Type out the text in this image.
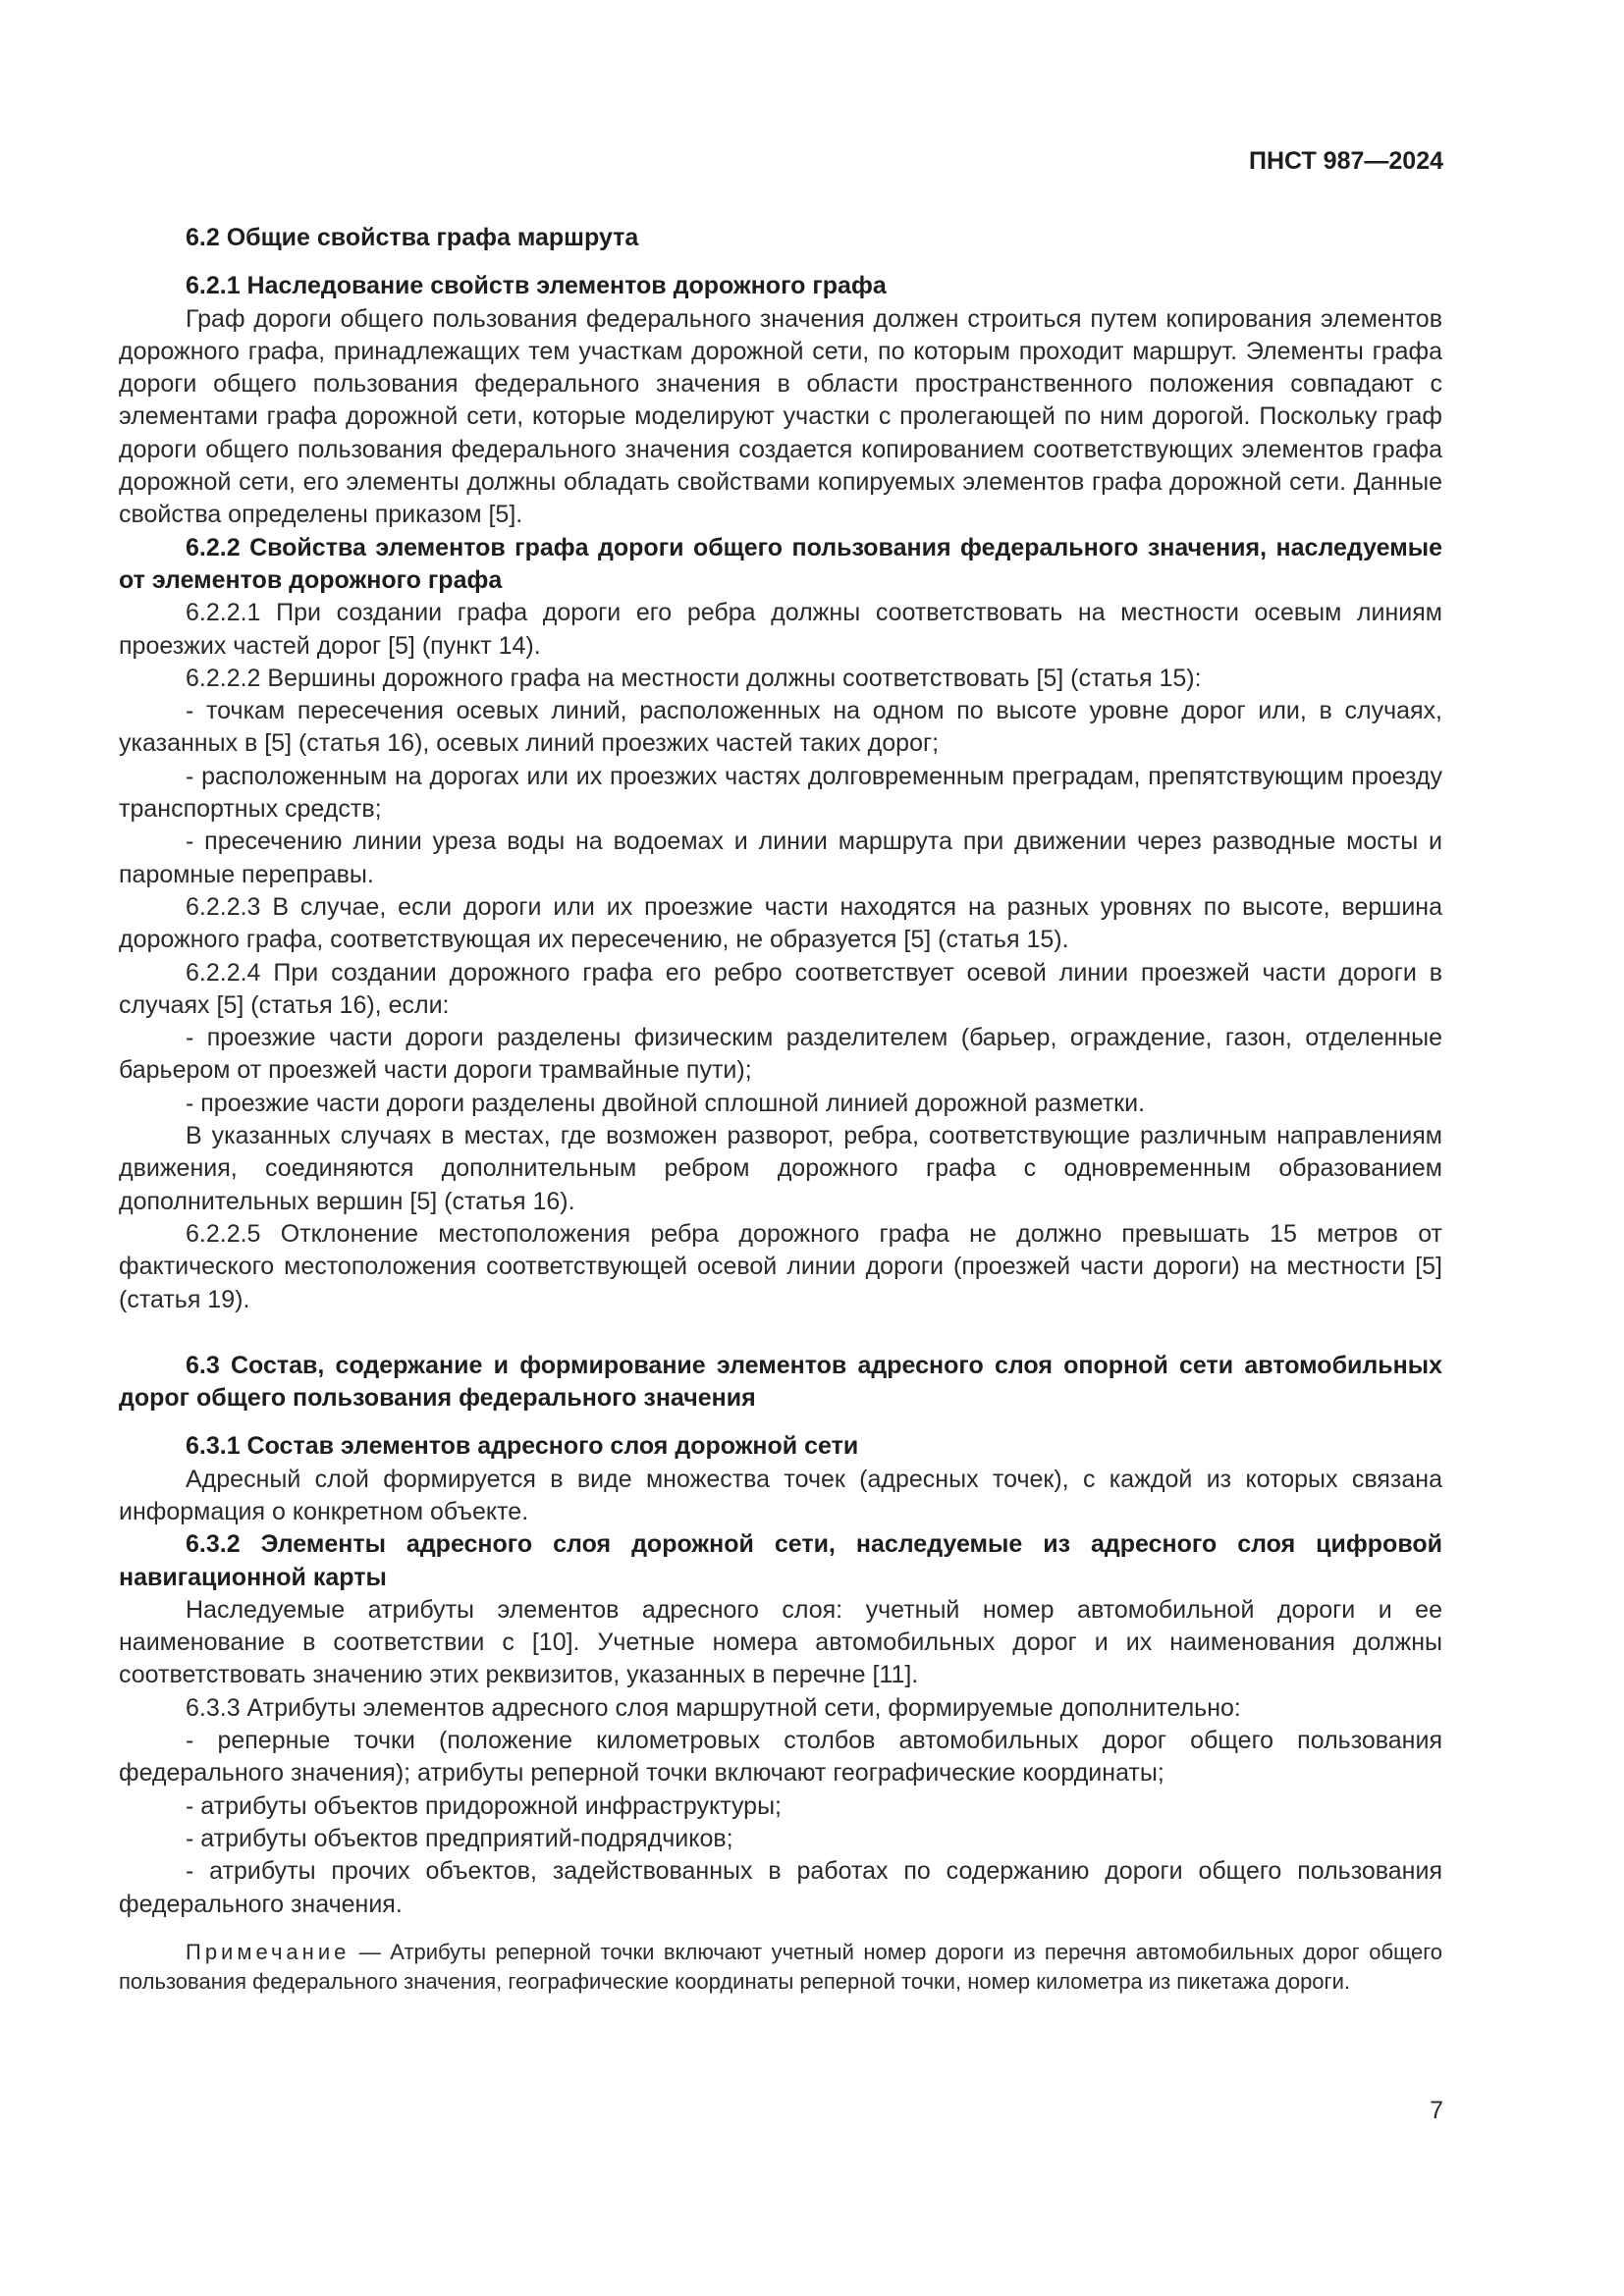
ПНСТ 987—2024

6.2 Общие свойства графа маршрута

6.2.1 Наследование свойств элементов дорожного графа

Граф дороги общего пользования федерального значения должен строиться путем копирования элементов дорожного графа, принадлежащих тем участкам дорожной сети, по которым проходит маршрут. Элементы графа дороги общего пользования федерального значения в области пространственного положения совпадают с элементами графа дорожной сети, которые моделируют участки с пролегающей по ним дорогой. Поскольку граф дороги общего пользования федерального значения создается копированием соответствующих элементов графа дорожной сети, его элементы должны обладать свойствами копируемых элементов графа дорожной сети. Данные свойства определены приказом [5].

6.2.2 Свойства элементов графа дороги общего пользования федерального значения, наследуемые от элементов дорожного графа

6.2.2.1 При создании графа дороги его ребра должны соответствовать на местности осевым линиям проезжих частей дорог [5] (пункт 14).

6.2.2.2 Вершины дорожного графа на местности должны соответствовать [5] (статья 15):

- точкам пересечения осевых линий, расположенных на одном по высоте уровне дорог или, в случаях, указанных в [5] (статья 16), осевых линий проезжих частей таких дорог;

- расположенным на дорогах или их проезжих частях долговременным преградам, препятствующим проезду транспортных средств;

- пресечению линии уреза воды на водоемах и линии маршрута при движении через разводные мосты и паромные переправы.

6.2.2.3 В случае, если дороги или их проезжие части находятся на разных уровнях по высоте, вершина дорожного графа, соответствующая их пересечению, не образуется [5] (статья 15).

6.2.2.4 При создании дорожного графа его ребро соответствует осевой линии проезжей части дороги в случаях [5] (статья 16), если:

- проезжие части дороги разделены физическим разделителем (барьер, ограждение, газон, отделенные барьером от проезжей части дороги трамвайные пути);

- проезжие части дороги разделены двойной сплошной линией дорожной разметки.

В указанных случаях в местах, где возможен разворот, ребра, соответствующие различным направлениям движения, соединяются дополнительным ребром дорожного графа с одновременным образованием дополнительных вершин [5] (статья 16).

6.2.2.5 Отклонение местоположения ребра дорожного графа не должно превышать 15 метров от фактического местоположения соответствующей осевой линии дороги (проезжей части дороги) на местности [5] (статья 19).

6.3 Состав, содержание и формирование элементов адресного слоя опорной сети автомобильных дорог общего пользования федерального значения

6.3.1 Состав элементов адресного слоя дорожной сети

Адресный слой формируется в виде множества точек (адресных точек), с каждой из которых связана информация о конкретном объекте.

6.3.2 Элементы адресного слоя дорожной сети, наследуемые из адресного слоя цифровой навигационной карты

Наследуемые атрибуты элементов адресного слоя: учетный номер автомобильной дороги и ее наименование в соответствии с [10]. Учетные номера автомобильных дорог и их наименования должны соответствовать значению этих реквизитов, указанных в перечне [11].

6.3.3 Атрибуты элементов адресного слоя маршрутной сети, формируемые дополнительно:

- реперные точки (положение километровых столбов автомобильных дорог общего пользования федерального значения); атрибуты реперной точки включают географические координаты;

- атрибуты объектов придорожной инфраструктуры;

- атрибуты объектов предприятий-подрядчиков;

- атрибуты прочих объектов, задействованных в работах по содержанию дороги общего пользования федерального значения.

Примечание — Атрибуты реперной точки включают учетный номер дороги из перечня автомобильных дорог общего пользования федерального значения, географические координаты реперной точки, номер километра из пикетажа дороги.

7
